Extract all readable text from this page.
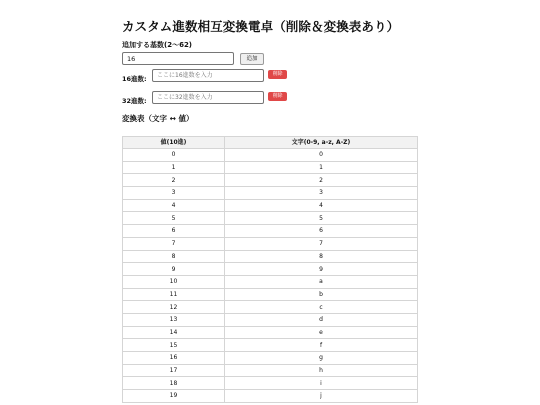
カスタム進数相互変換電卓（削除＆変換表あり）
追加する基数(2〜62)
16
追加
16進数:
ここに16進数を入力
削除
32進数:
ここに32進数を入力
削除
変換表（文字 ↔ 値）
値(10進)	文字(0-9, a-z, A-Z)
0	0
1	1
2	2
3	3
4	4
5	5
6	6
7	7
8	8
9	9
10	a
11	b
12	c
13	d
14	e
15	f
16	g
17	h
18	i
19	j
